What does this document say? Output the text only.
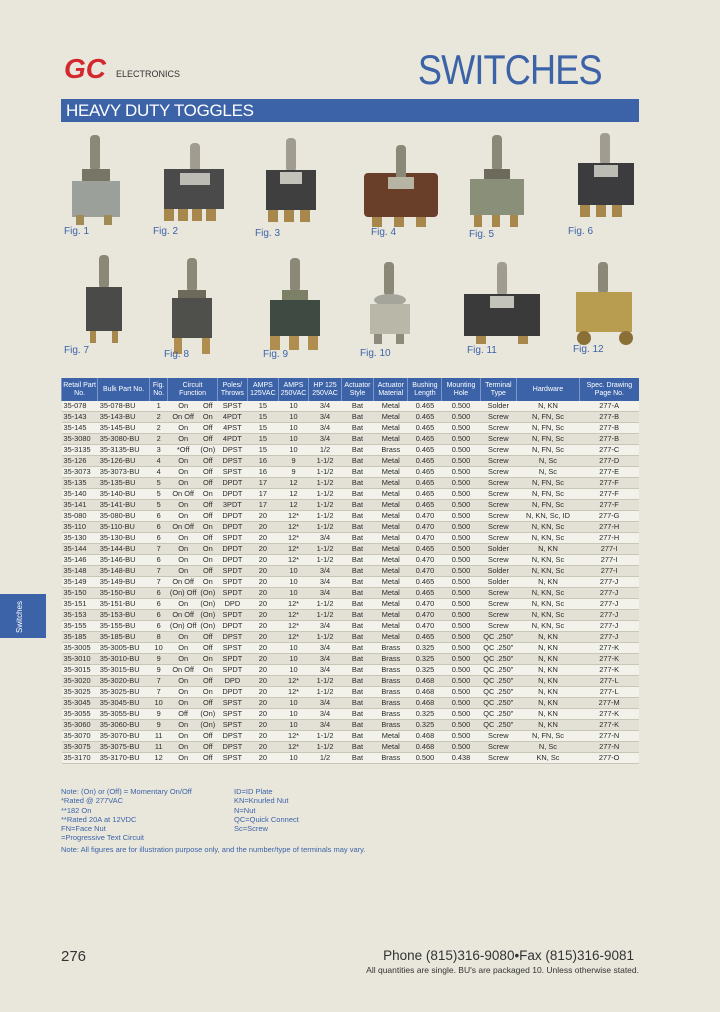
GC ELECTRONICS	SWITCHES
HEAVY DUTY TOGGLES
Switches
Fig. 1	Fig. 2	Fig. 3	Fig. 4	Fig. 5	Fig. 6
Fig. 7	Fig. 8	Fig. 9	Fig. 10	Fig. 11	Fig. 12
Retail Part No.	Bulk Part No.	Fig. No.	Circuit Function		Poles/ Throws	AMPS 125VAC	AMPS 250VAC	HP 125 250VAC	Actuator Style	Actuator Material	Bushing Length	Mounting Hole	Terminal Type	Hardware	Spec. Drawing Page No.
35-078	35-078-BU	1	On	Off	SPST	15	10	3/4	Bat	Metal	0.465	0.500	Solder	N, KN	277-A
35-143	35-143-BU	2	On Off	On	4PDT	15	10	3/4	Bat	Metal	0.465	0.500	Screw	N, FN, Sc	277-B
35-145	35-145-BU	2	On	Off	4PST	15	10	3/4	Bat	Metal	0.465	0.500	Screw	N, FN, Sc	277-B
35-3080	35-3080-BU	2	On	Off	4PDT	15	10	3/4	Bat	Metal	0.465	0.500	Screw	N, FN, Sc	277-B
35-3135	35-3135-BU	3	*Off	(On)	DPST	15	10	1/2	Bat	Brass	0.465	0.500	Screw	N, FN, Sc	277-C
35-126	35-126-BU	4	On	Off	DPST	16	9	1-1/2	Bat	Metal	0.465	0.500	Screw	N, Sc	277-D
35-3073	35-3073-BU	4	On	Off	SPST	16	9	1-1/2	Bat	Metal	0.465	0.500	Screw	N, Sc	277-E
35-135	35-135-BU	5	On	Off	DPDT	17	12	1-1/2	Bat	Metal	0.465	0.500	Screw	N, FN, Sc	277-F
35-140	35-140-BU	5	On Off	On	DPDT	17	12	1-1/2	Bat	Metal	0.465	0.500	Screw	N, FN, Sc	277-F
35-141	35-141-BU	5	On	Off	3PDT	17	12	1-1/2	Bat	Metal	0.465	0.500	Screw	N, FN, Sc	277-F
35-080	35-080-BU	6	On	Off	DPDT	20	12*	1-1/2	Bat	Metal	0.470	0.500	Screw	N, KN, Sc, ID	277-G
35-110	35-110-BU	6	On Off	On	DPDT	20	12*	1-1/2	Bat	Metal	0.470	0.500	Screw	N, KN, Sc	277-H
35-130	35-130-BU	6	On	Off	SPDT	20	12*	3/4	Bat	Metal	0.470	0.500	Screw	N, KN, Sc	277-H
35-144	35-144-BU	7	On	On	DPDT	20	12*	1-1/2	Bat	Metal	0.465	0.500	Solder	N, KN	277-I
35-146	35-146-BU	6	On	On	DPDT	20	12*	1-1/2	Bat	Metal	0.470	0.500	Screw	N, KN, Sc	277-I
35-148	35-148-BU	7	On	Off	SPDT	20	10	3/4	Bat	Metal	0.470	0.500	Solder	N, KN, Sc	277-I
35-149	35-149-BU	7	On Off	On	SPDT	20	10	3/4	Bat	Metal	0.465	0.500	Solder	N, KN	277-J
35-150	35-150-BU	6	(On) Off	(On)	SPDT	20	10	3/4	Bat	Metal	0.465	0.500	Screw	N, KN, Sc	277-J
35-151	35-151-BU	6	On	(On)	DPD	20	12*	1-1/2	Bat	Metal	0.470	0.500	Screw	N, KN, Sc	277-J
35-153	35-153-BU	6	On Off	(On)	SPDT	20	12*	1-1/2	Bat	Metal	0.470	0.500	Screw	N, KN, Sc	277-J
35-155	35-155-BU	6	(On) Off	(On)	DPDT	20	12*	3/4	Bat	Metal	0.470	0.500	Screw	N, KN, Sc	277-J
35-185	35-185-BU	8	On	Off	DPST	20	12*	1-1/2	Bat	Metal	0.465	0.500	QC .250"	N, KN	277-J
35-3005	35-3005-BU	10	On	Off	SPST	20	10	3/4	Bat	Brass	0.325	0.500	QC .250"	N, KN	277-K
35-3010	35-3010-BU	9	On	On	SPDT	20	10	3/4	Bat	Brass	0.325	0.500	QC .250"	N, KN	277-K
35-3015	35-3015-BU	9	On Off	On	SPDT	20	10	3/4	Bat	Brass	0.325	0.500	QC .250"	N, KN	277-K
35-3020	35-3020-BU	7	On	Off	DPD	20	12*	1-1/2	Bat	Brass	0.468	0.500	QC .250"	N, KN	277-L
35-3025	35-3025-BU	7	On	On	DPDT	20	12*	1-1/2	Bat	Brass	0.468	0.500	QC .250"	N, KN	277-L
35-3045	35-3045-BU	10	On	Off	SPST	20	10	3/4	Bat	Brass	0.468	0.500	QC .250"	N, KN	277-M
35-3055	35-3055-BU	9	Off	(On)	SPST	20	10	3/4	Bat	Brass	0.325	0.500	QC .250"	N, KN	277-K
35-3060	35-3060-BU	9	On	(On)	SPST	20	10	3/4	Bat	Brass	0.325	0.500	QC .250"	N, KN	277-K
35-3070	35-3070-BU	11	On	Off	DPST	20	12*	1-1/2	Bat	Metal	0.468	0.500	Screw	N, FN, Sc	277-N
35-3075	35-3075-BU	11	On	Off	DPST	20	12*	1-1/2	Bat	Metal	0.468	0.500	Screw	N, Sc	277-N
35-3170	35-3170-BU	12	On	Off	SPST	20	10	1/2	Bat	Brass	0.500	0.438	Screw	KN, Sc	277-O
Note: (On) or (Off) = Momentary On/Off
*Rated @ 277VAC
**182 On
**Rated 20A at 12VDC
FN=Face Nut
=Progressive Text Circuit
ID=ID Plate
KN=Knurled Nut
N=Nut
QC=Quick Connect
Sc=Screw
Note: All figures are for illustration purpose only, and the number/type of terminals may vary.
276	Phone (815)316-9080•Fax (815)316-9081
All quantities are single. BU's are packaged 10. Unless otherwise stated.
